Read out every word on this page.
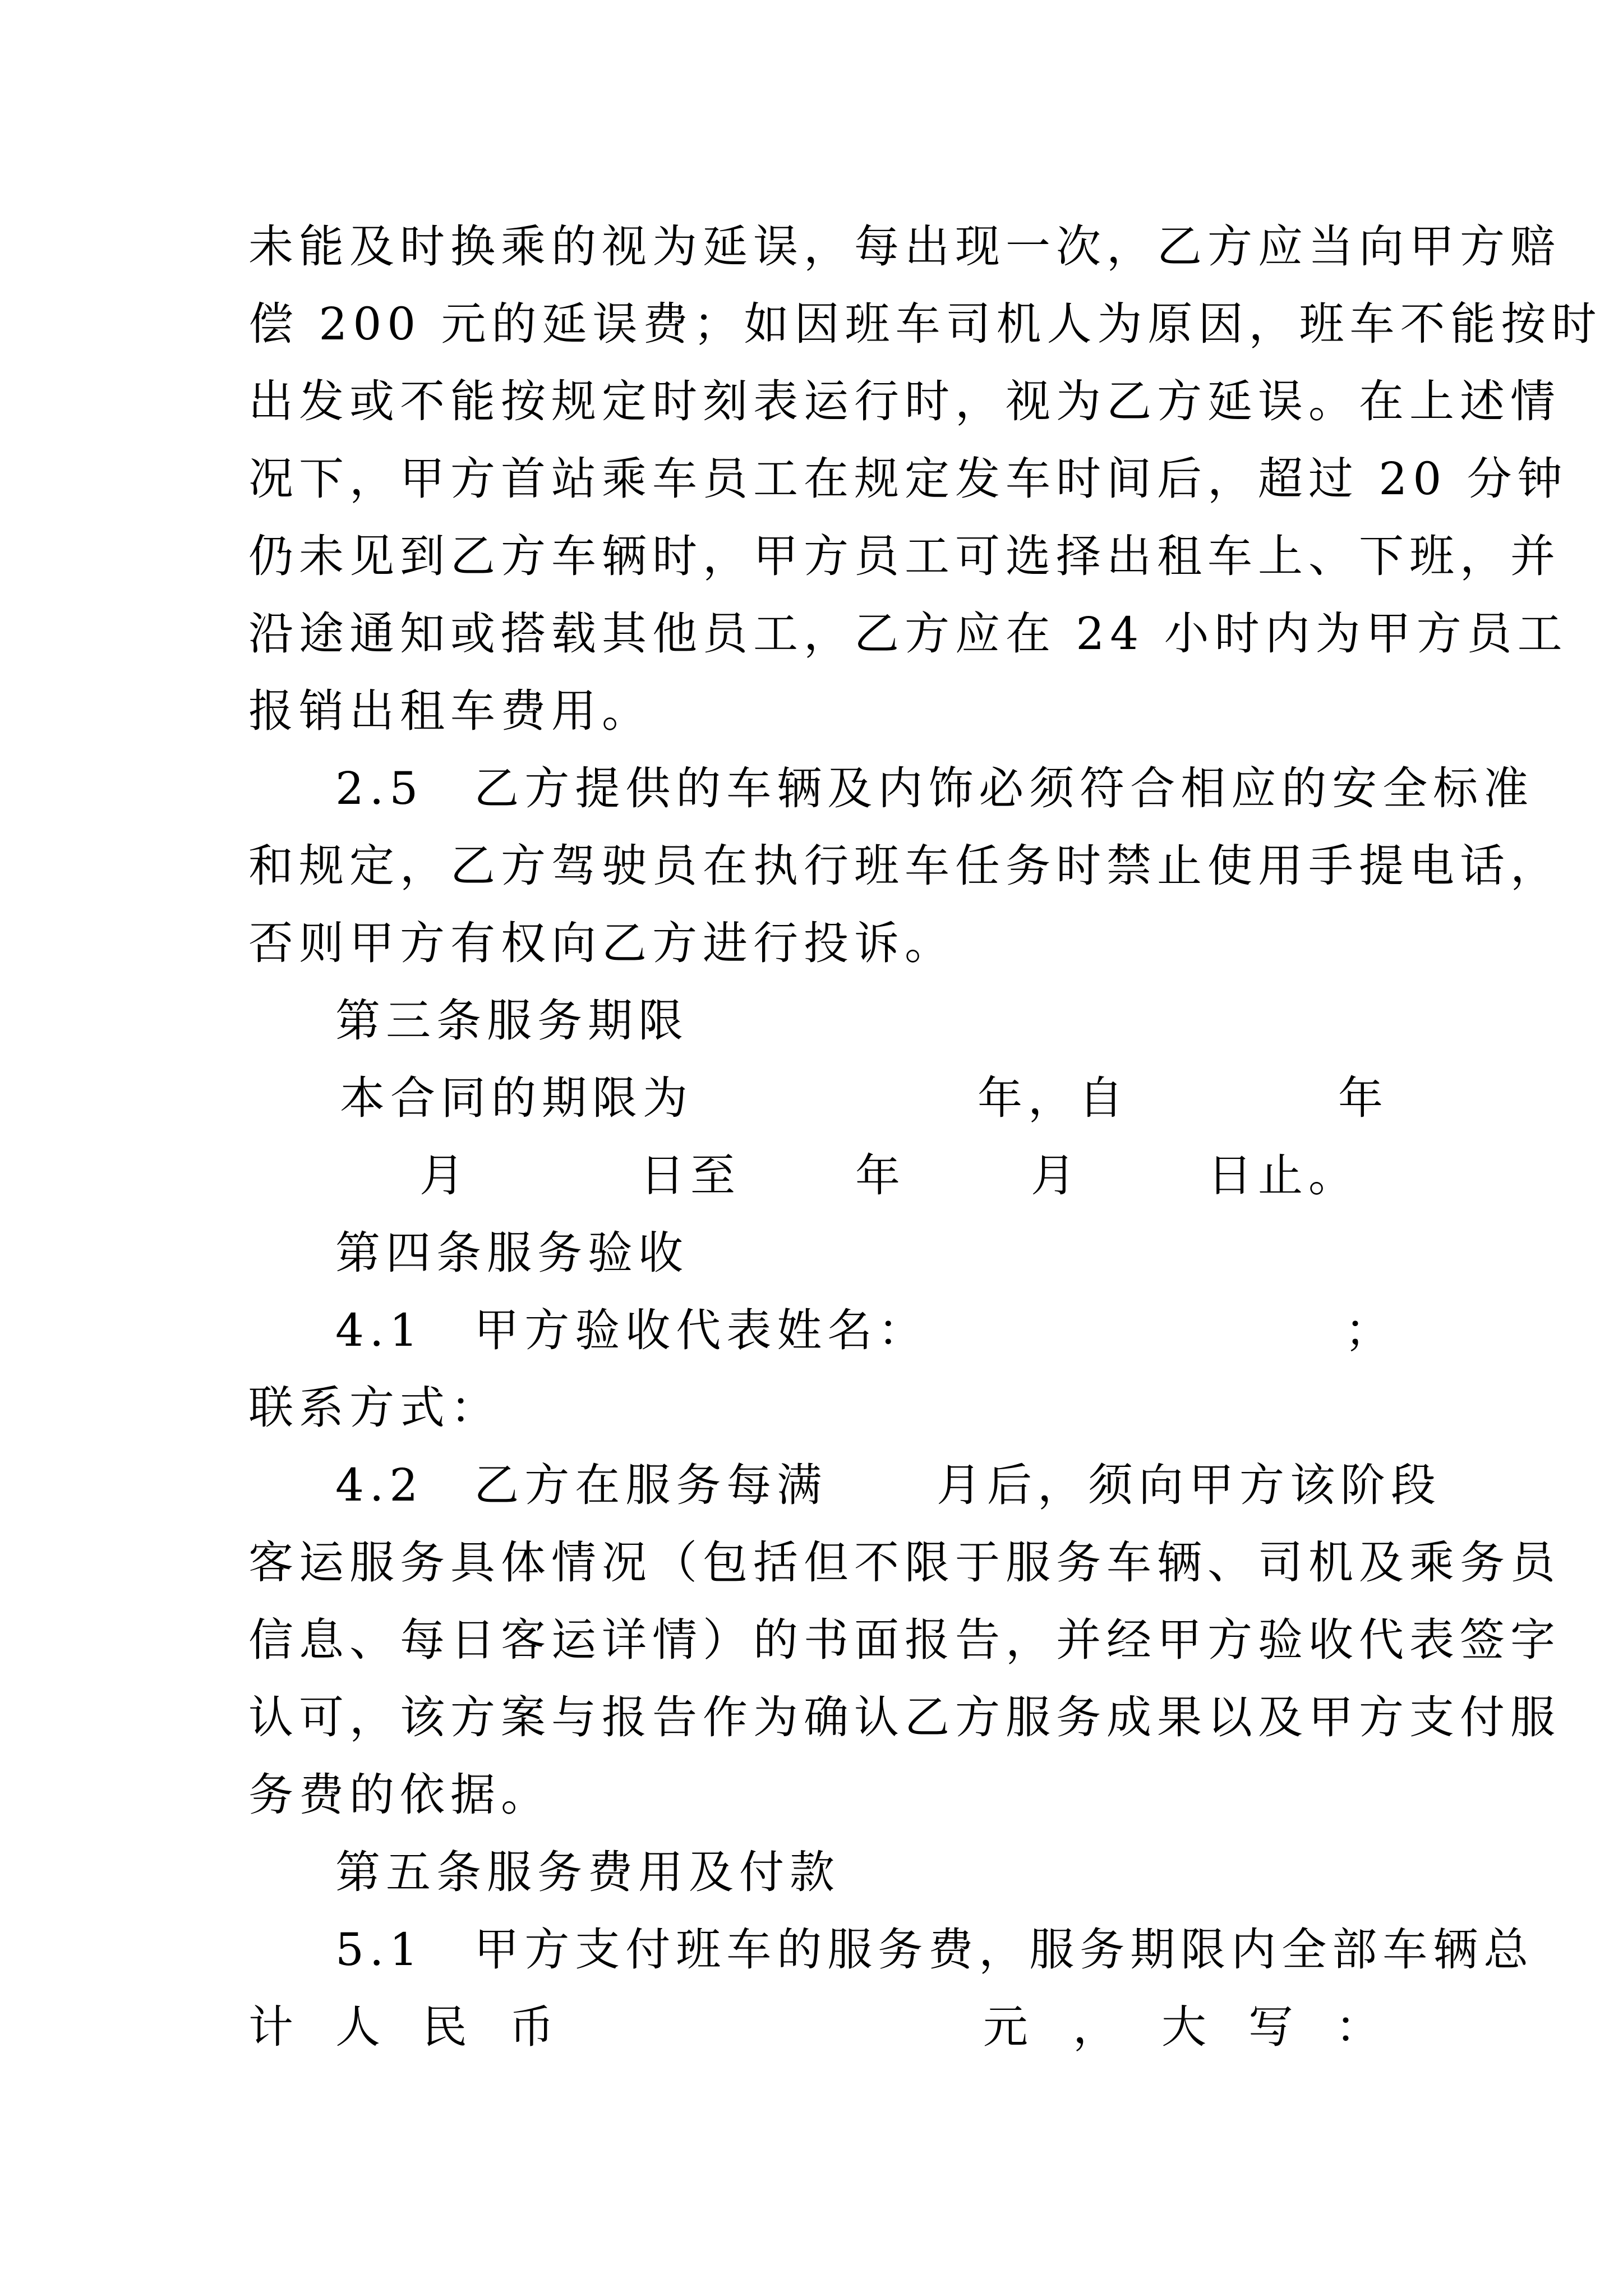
未能及时换乘的视为延误，每出现一次，乙方应当向甲方赔
偿 200 元的延误费；如因班车司机人为原因，班车不能按时
出发或不能按规定时刻表运行时，视为乙方延误。在上述情
况下，甲方首站乘车员工在规定发车时间后，超过 20 分钟
仍未见到乙方车辆时，甲方员工可选择出租车上、下班，并
沿途通知或搭载其他员工，乙方应在 24 小时内为甲方员工
报销出租车费用。
2.5　乙方提供的车辆及内饰必须符合相应的安全标准
和规定，乙方驾驶员在执行班车任务时禁止使用手提电话，
否则甲方有权向乙方进行投诉。
第三条服务期限
本合同的期限为	年，自	年
月	日至	年	月	日止。
第四条服务验收
4.1　甲方验收代表姓名：	；
联系方式：
4.2　乙方在服务每满 月后，须向甲方该阶段
客运服务具体情况（包括但不限于服务车辆、司机及乘务员
信息、每日客运详情）的书面报告，并经甲方验收代表签字
认可，该方案与报告作为确认乙方服务成果以及甲方支付服
务费的依据。
第五条服务费用及付款
5.1　甲方支付班车的服务费，服务期限内全部车辆总
计 人 民 币	元 ， 大 写 ：
